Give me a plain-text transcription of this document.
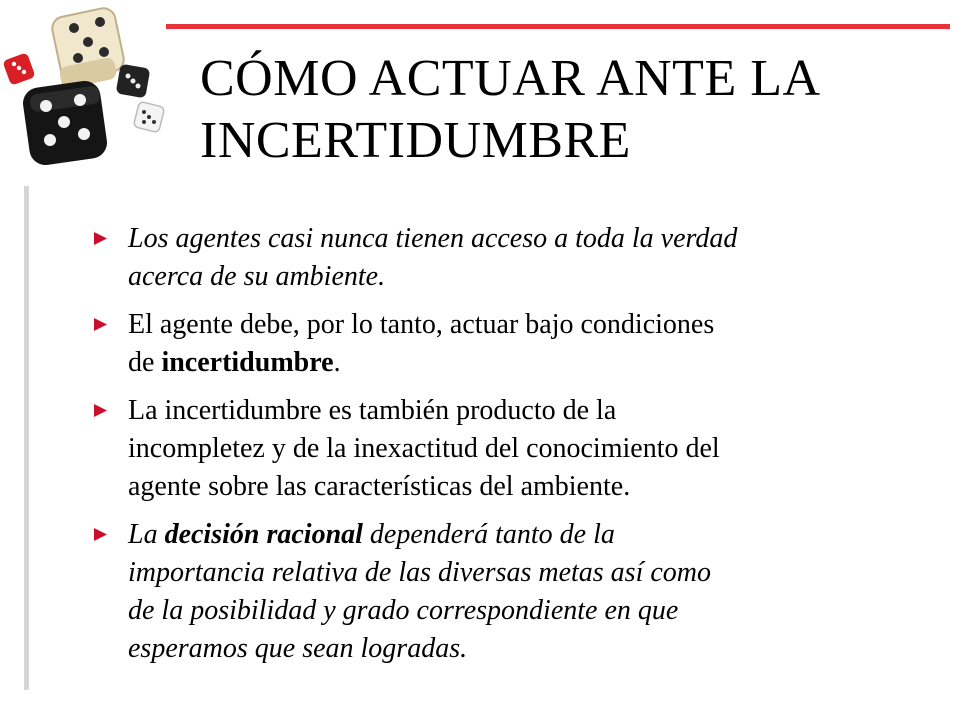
CÓMO ACTUAR ANTE LA
INCERTIDUMBRE
Los agentes casi nunca tienen acceso a toda la verdad
acerca de su ambiente.
El agente debe, por lo tanto, actuar bajo condiciones
de incertidumbre.
La incertidumbre es también producto de la
incompletez y de la inexactitud del conocimiento del
agente sobre las características del ambiente.
La decisión racional dependerá tanto de la
importancia relativa de las diversas metas así como
de la posibilidad y grado correspondiente en que
esperamos que sean logradas.
